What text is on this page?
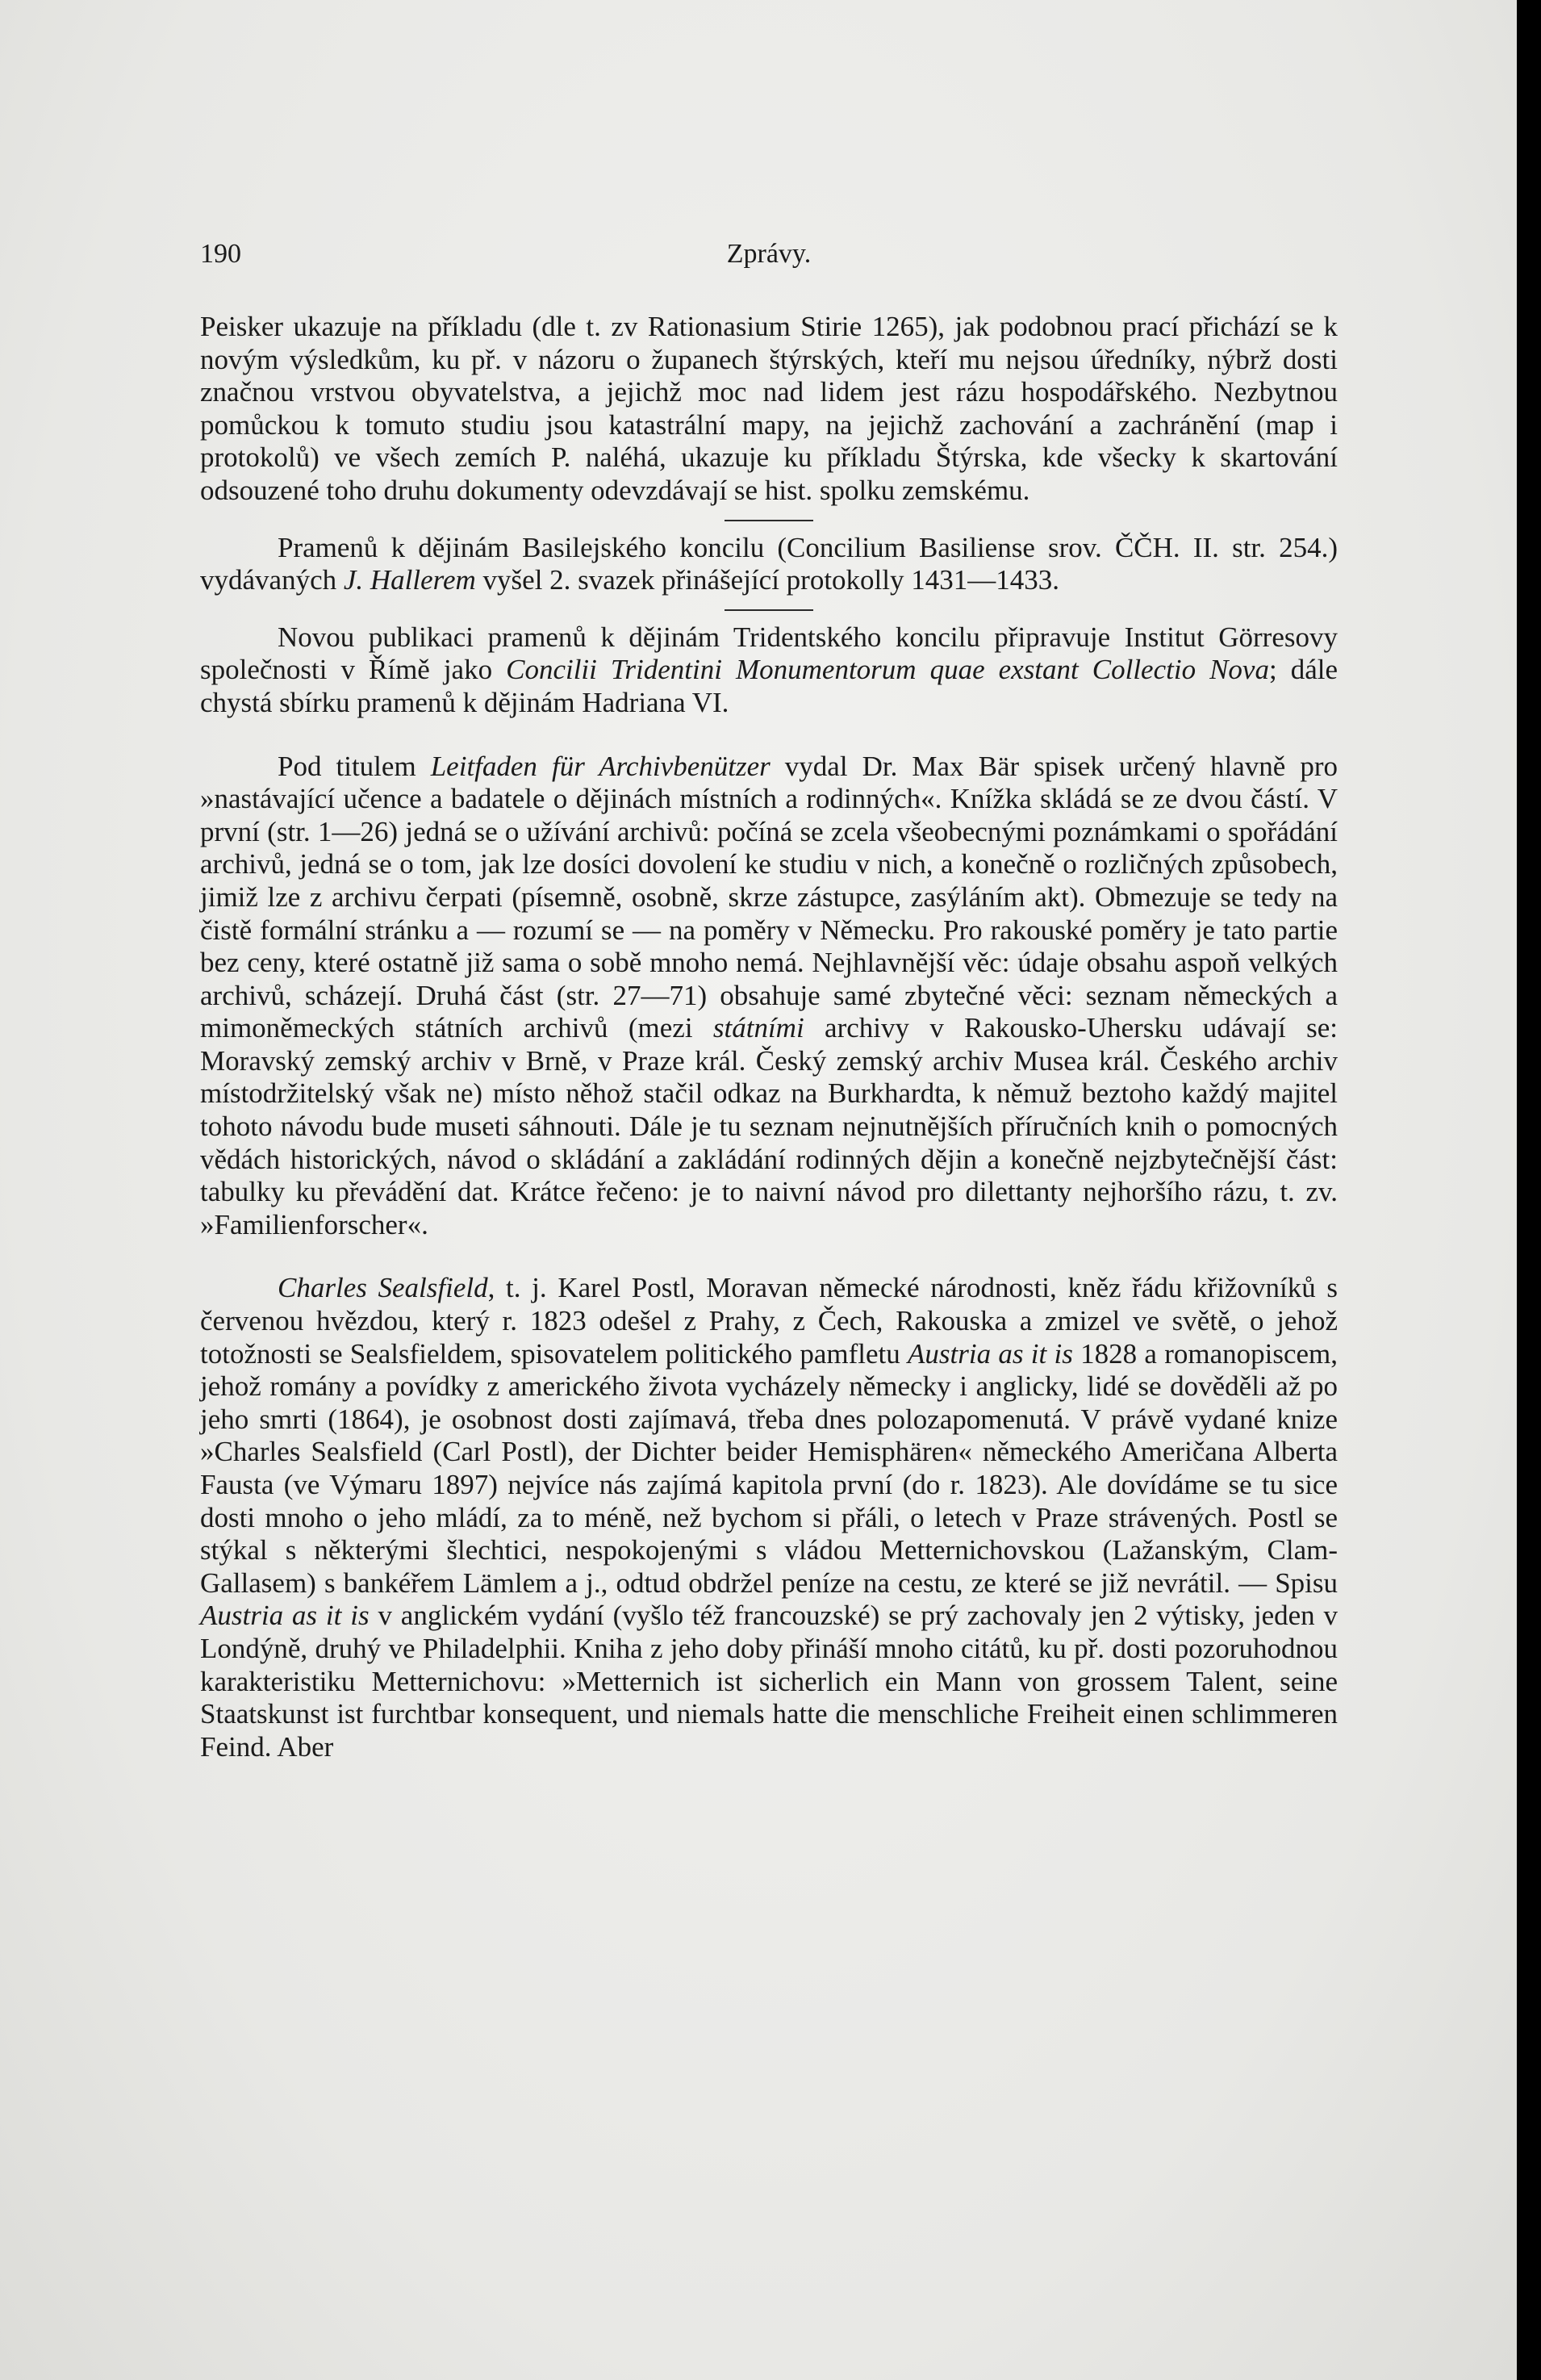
190	Zprávy.

Peisker ukazuje na příkladu (dle t. zv Rationasium Stirie 1265), jak podobnou prací přichází se k novým výsledkům, ku př. v názoru o županech štýrských, kteří mu nejsou úředníky, nýbrž dosti značnou vrstvou obyvatelstva, a jejichž moc nad lidem jest rázu hospodářského. Nezbytnou pomůckou k tomuto studiu jsou katastrální mapy, na jejichž zachování a zachránění (map i protokolů) ve všech zemích P. naléhá, ukazuje ku příkladu Štýrska, kde všecky k skartování odsouzené toho druhu dokumenty odevzdávají se hist. spolku zemskému.

Pramenů k dějinám Basilejského koncilu (Concilium Basiliense srov. ČČH. II. str. 254.) vydávaných J. Hallerem vyšel 2. svazek přinášející protokolly 1431—1433.

Novou publikaci pramenů k dějinám Tridentského koncilu připravuje Institut Görresovy společnosti v Římě jako Concilii Tridentini Monumentorum quae exstant Collectio Nova; dále chystá sbírku pramenů k dějinám Hadriana VI.

Pod titulem Leitfaden für Archivbenützer vydal Dr. Max Bär spisek určený hlavně pro »nastávající učence a badatele o dějinách místních a rodinných«. Knížka skládá se ze dvou částí. V první (str. 1—26) jedná se o užívání archivů: počíná se zcela všeobecnými poznámkami o spořádání archivů, jedná se o tom, jak lze dosíci dovolení ke studiu v nich, a konečně o rozličných způsobech, jimiž lze z archivu čerpati (písemně, osobně, skrze zástupce, zasýláním akt). Obmezuje se tedy na čistě formální stránku a — rozumí se — na poměry v Německu. Pro rakouské poměry je tato partie bez ceny, které ostatně již sama o sobě mnoho nemá. Nejhlavnější věc: údaje obsahu aspoň velkých archivů, scházejí. Druhá část (str. 27—71) obsahuje samé zbytečné věci: seznam německých a mimoněmeckých státních archivů (mezi státními archivy v Rakousko-Uhersku udávají se: Moravský zemský archiv v Brně, v Praze král. Český zemský archiv Musea král. Českého archiv místodržitelský však ne) místo něhož stačil odkaz na Burkhardta, k němuž beztoho každý majitel tohoto návodu bude museti sáhnouti. Dále je tu seznam nejnutnějších příručních knih o pomocných vědách historických, návod o skládání a zakládání rodinných dějin a konečně nejzbytečnější část: tabulky ku převádění dat. Krátce řečeno: je to naivní návod pro dilettanty nejhoršího rázu, t. zv. »Familienforscher«.

Charles Sealsfield, t. j. Karel Postl, Moravan německé národnosti, kněz řádu křižovníků s červenou hvězdou, který r. 1823 odešel z Prahy, z Čech, Rakouska a zmizel ve světě, o jehož totožnosti se Sealsfieldem, spisovatelem politického pamfletu Austria as it is 1828 a romanopiscem, jehož romány a povídky z amerického života vycházely německy i anglicky, lidé se dověděli až po jeho smrti (1864), je osobnost dosti zajímavá, třeba dnes polozapomenutá. V právě vydané knize »Charles Sealsfield (Carl Postl), der Dichter beider Hemisphären« německého Američana Alberta Fausta (ve Výmaru 1897) nejvíce nás zajímá kapitola první (do r. 1823). Ale dovídáme se tu sice dosti mnoho o jeho mládí, za to méně, než bychom si přáli, o letech v Praze strávených. Postl se stýkal s některými šlechtici, nespokojenými s vládou Metternichovskou (Lažanským, Clam-Gallasem) s bankéřem Lämlem a j., odtud obdržel peníze na cestu, ze které se již nevrátil. — Spisu Austria as it is v anglickém vydání (vyšlo též francouzské) se prý zachovaly jen 2 výtisky, jeden v Londýně, druhý ve Philadelphii. Kniha z jeho doby přináší mnoho citátů, ku př. dosti pozoruhodnou karakteristiku Metternichovu: »Metternich ist sicherlich ein Mann von grossem Talent, seine Staatskunst ist furchtbar konsequent, und niemals hatte die menschliche Freiheit einen schlimmeren Feind. Aber
